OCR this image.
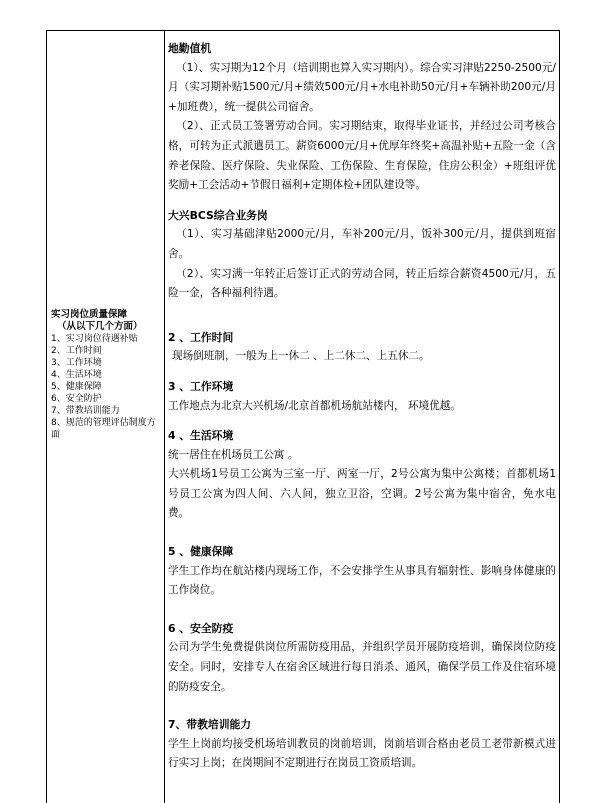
实习岗位质量保障
（从以下几个方面）
1、实习岗位待遇补贴
2、工作时间
3、工作环境
4、生活环境
5、健康保障
6、安全防护
7、带教培训能力
8、规范的管理评估制度方面

地勤值机

（1）、实习期为12个月（培训期也算入实习期内）。综合实习津贴2250-2500元/月（实习期补贴1500元/月+绩效500元/月+水电补助50元/月+车辆补助200元/月+加班费），统一提供公司宿舍。

（2）、正式员工签署劳动合同。实习期结束，取得毕业证书，并经过公司考核合格，可转为正式派遣员工。薪资6000元/月+优厚年终奖+高温补贴+五险一金（含养老保险、医疗保险、失业保险、工伤保险、生育保险，住房公积金）+班组评优奖励+工会活动+节假日福利+定期体检+团队建设等。

大兴BCS综合业务岗

（1）、实习基础津贴2000元/月，车补200元/月，饭补300元/月，提供到班宿舍。

（2）、实习满一年转正后签订正式的劳动合同，转正后综合薪资4500元/月，五险一金，各种福利待遇。

2 、工作时间

现场倒班制，一般为上一休二 、上二休二、上五休二。

3 、工作环境

工作地点为北京大兴机场/北京首都机场航站楼内， 环境优越。

4 、生活环境

统一居住在机场员工公寓 。

大兴机场1号员工公寓为三室一厅、两室一厅，2号公寓为集中公寓楼；首都机场1号员工公寓为四人间、六人间，独立卫浴，空调。2号公寓为集中宿舍，免水电费。

5 、健康保障

学生工作均在航站楼内现场工作，不会安排学生从事具有辐射性、影响身体健康的工作岗位。

6 、安全防疫

公司为学生免费提供岗位所需防疫用品，并组织学员开展防疫培训，确保岗位防疫安全。同时，安排专人在宿舍区域进行每日消杀、通风，确保学员工作及住宿环境的防疫安全。

7、带教培训能力

学生上岗前均接受机场培训教员的岗前培训，岗前培训合格由老员工老带新模式进行实习上岗；在岗期间不定期进行在岗员工资质培训。
